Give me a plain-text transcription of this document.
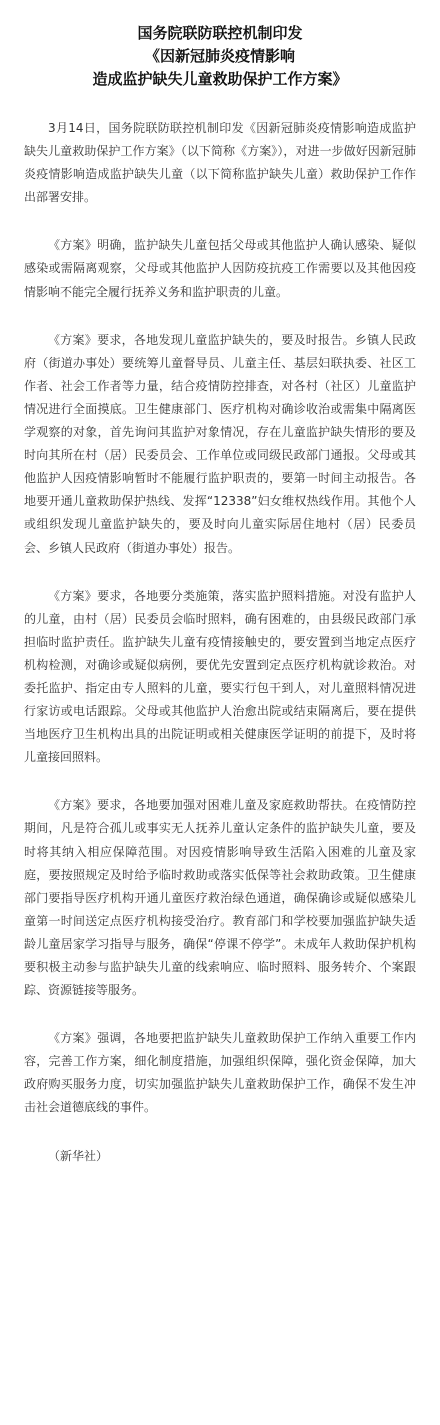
国务院联防联控机制印发
《因新冠肺炎疫情影响
造成监护缺失儿童救助保护工作方案》

3月14日，国务院联防联控机制印发《因新冠肺炎疫情影响造成监护缺失儿童救助保护工作方案》（以下简称《方案》），对进一步做好因新冠肺炎疫情影响造成监护缺失儿童（以下简称监护缺失儿童）救助保护工作作出部署安排。

《方案》明确，监护缺失儿童包括父母或其他监护人确认感染、疑似感染或需隔离观察，父母或其他监护人因防疫抗疫工作需要以及其他因疫情影响不能完全履行抚养义务和监护职责的儿童。

《方案》要求，各地发现儿童监护缺失的，要及时报告。乡镇人民政府（街道办事处）要统筹儿童督导员、儿童主任、基层妇联执委、社区工作者、社会工作者等力量，结合疫情防控排查，对各村（社区）儿童监护情况进行全面摸底。卫生健康部门、医疗机构对确诊收治或需集中隔离医学观察的对象，首先询问其监护对象情况，存在儿童监护缺失情形的要及时向其所在村（居）民委员会、工作单位或同级民政部门通报。父母或其他监护人因疫情影响暂时不能履行监护职责的，要第一时间主动报告。各地要开通儿童救助保护热线、发挥“12338”妇女维权热线作用。其他个人或组织发现儿童监护缺失的，要及时向儿童实际居住地村（居）民委员会、乡镇人民政府（街道办事处）报告。

《方案》要求，各地要分类施策，落实监护照料措施。对没有监护人的儿童，由村（居）民委员会临时照料，确有困难的，由县级民政部门承担临时监护责任。监护缺失儿童有疫情接触史的，要安置到当地定点医疗机构检测，对确诊或疑似病例，要优先安置到定点医疗机构就诊救治。对委托监护、指定由专人照料的儿童，要实行包干到人，对儿童照料情况进行家访或电话跟踪。父母或其他监护人治愈出院或结束隔离后，要在提供当地医疗卫生机构出具的出院证明或相关健康医学证明的前提下，及时将儿童接回照料。

《方案》要求，各地要加强对困难儿童及家庭救助帮扶。在疫情防控期间，凡是符合孤儿或事实无人抚养儿童认定条件的监护缺失儿童，要及时将其纳入相应保障范围。对因疫情影响导致生活陷入困难的儿童及家庭，要按照规定及时给予临时救助或落实低保等社会救助政策。卫生健康部门要指导医疗机构开通儿童医疗救治绿色通道，确保确诊或疑似感染儿童第一时间送定点医疗机构接受治疗。教育部门和学校要加强监护缺失适龄儿童居家学习指导与服务，确保“停课不停学”。未成年人救助保护机构要积极主动参与监护缺失儿童的线索响应、临时照料、服务转介、个案跟踪、资源链接等服务。

《方案》强调，各地要把监护缺失儿童救助保护工作纳入重要工作内容，完善工作方案，细化制度措施，加强组织保障，强化资金保障，加大政府购买服务力度，切实加强监护缺失儿童救助保护工作，确保不发生冲击社会道德底线的事件。

（新华社）
